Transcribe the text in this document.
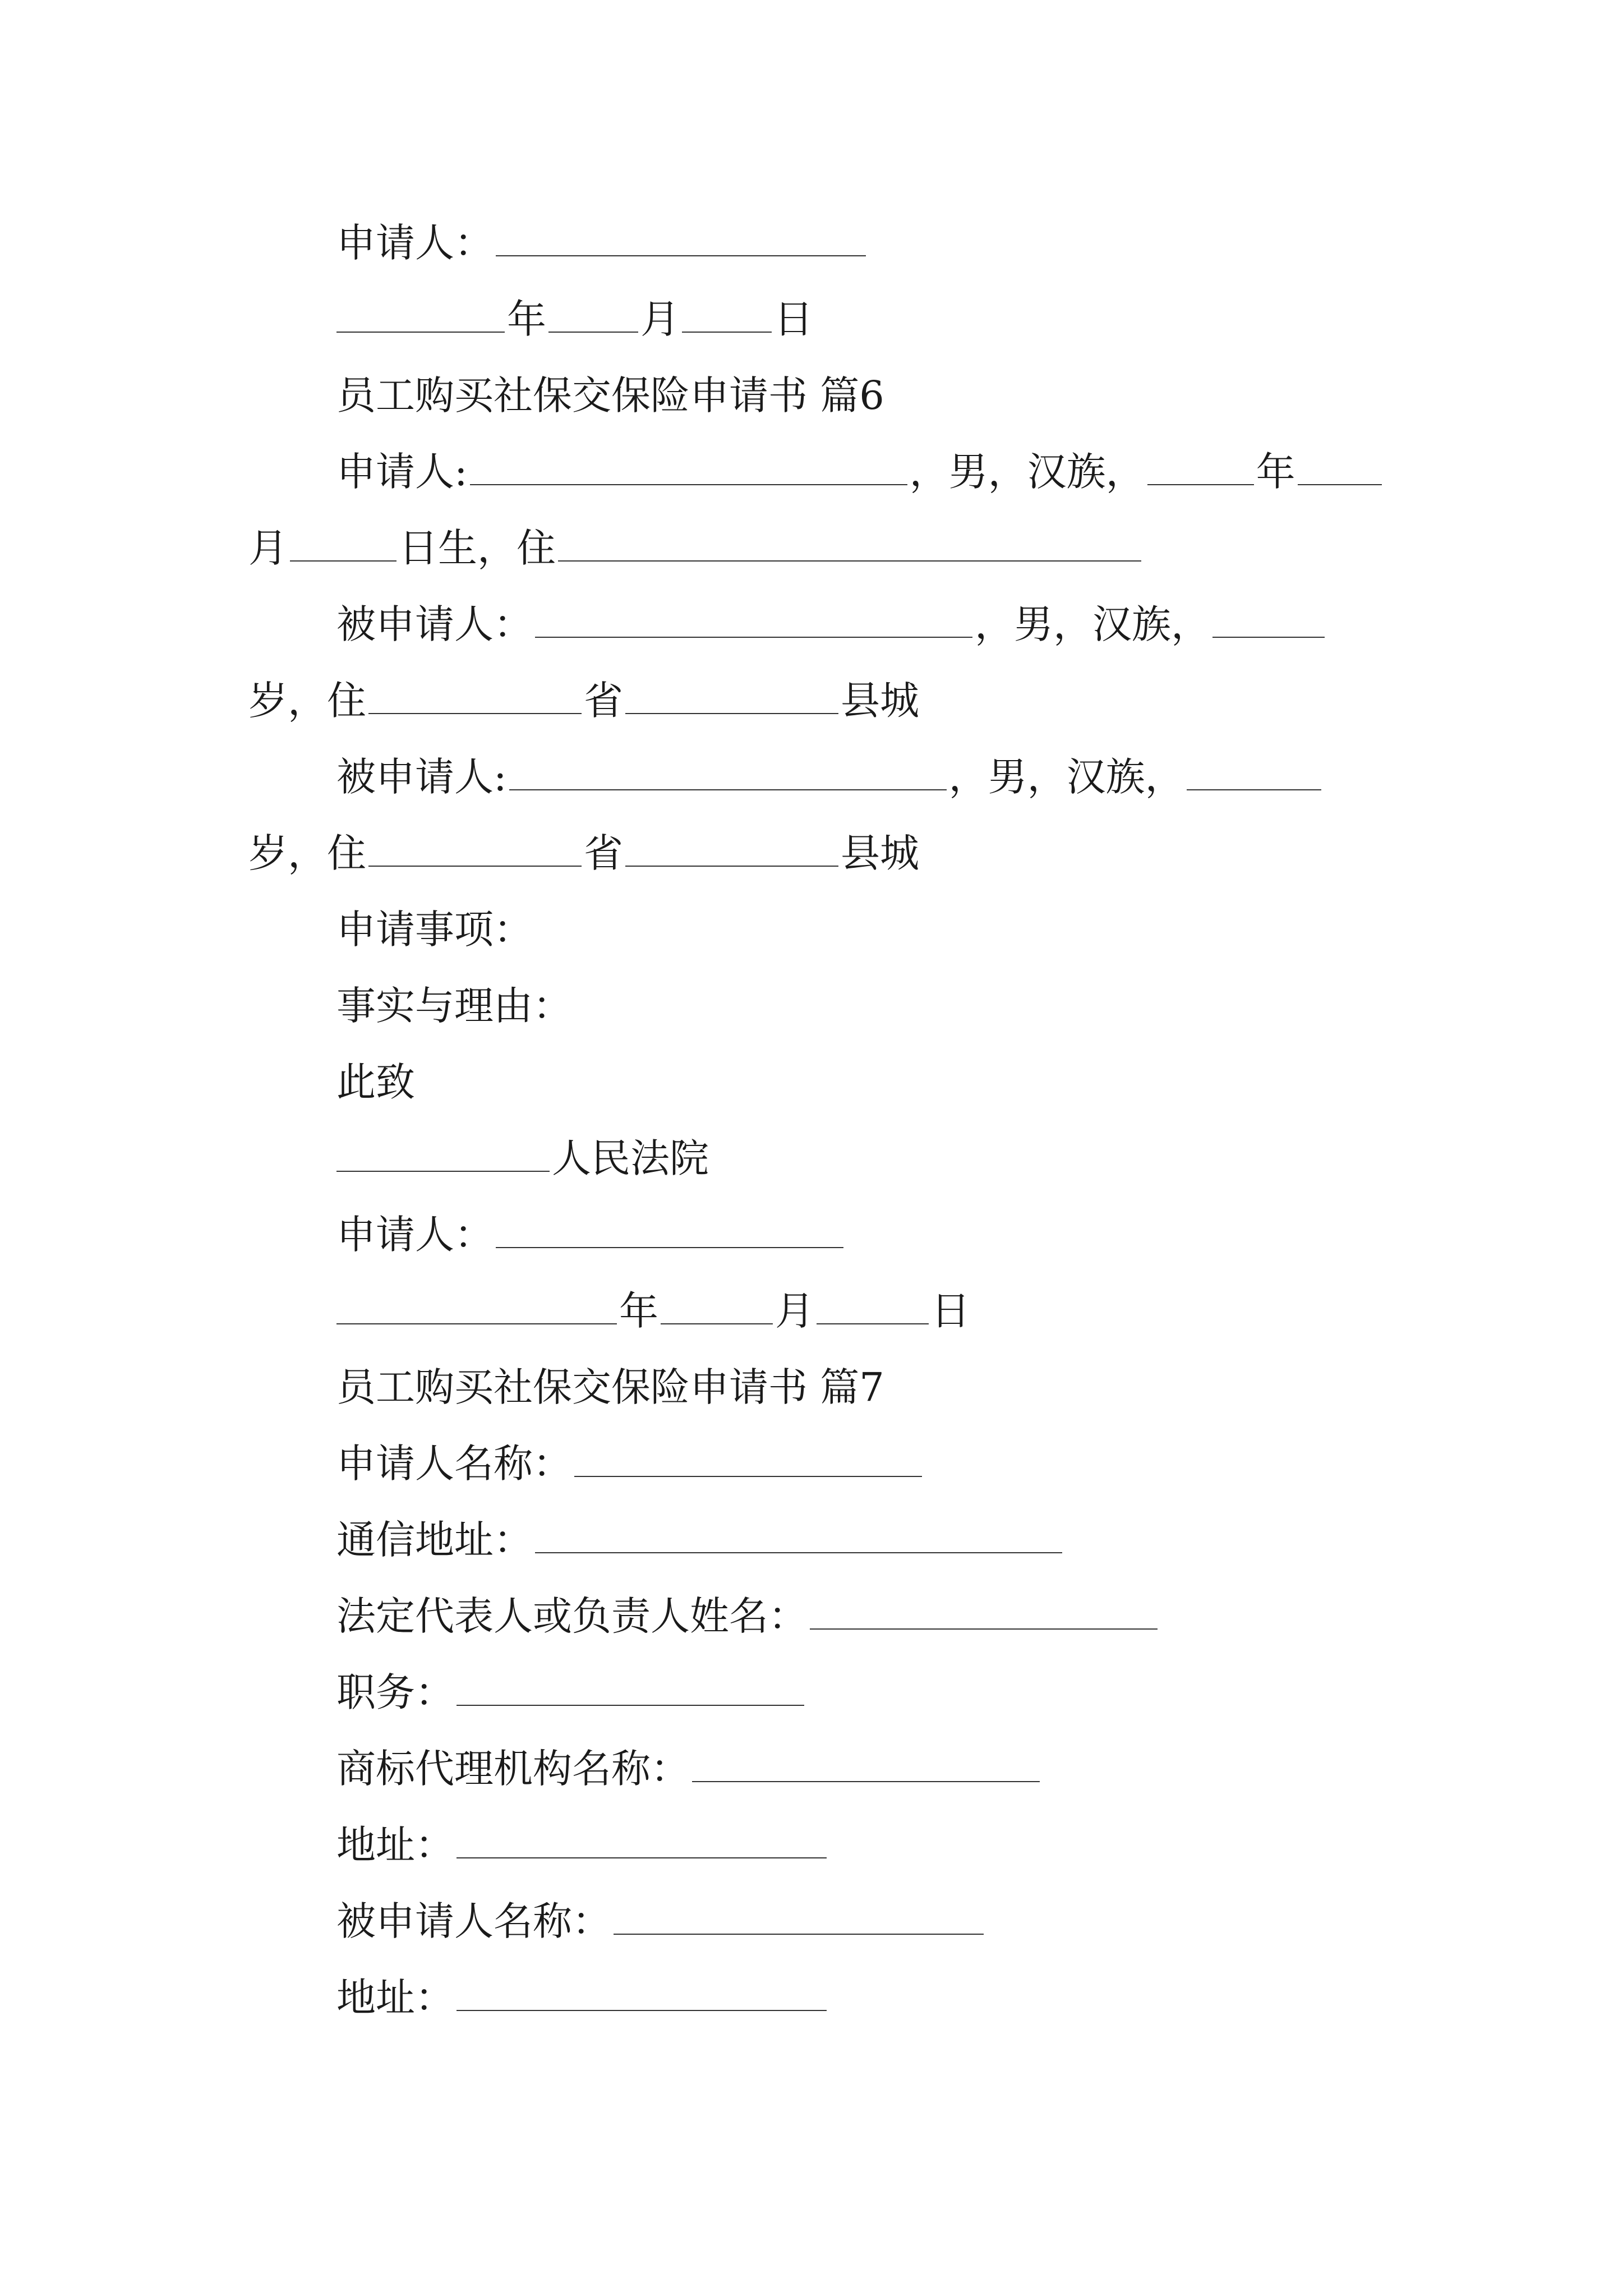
申请人：
年 月 日
员工购买社保交保险申请书 篇6
申请人:	，男，汉族，	年
月	日生，住
被申请人：	，男，汉族，
岁，住	省	县城
被申请人:	，男，汉族，
岁，住	省	县城
申请事项：
事实与理由：
此致
人民法院
申请人：
年	月	日
员工购买社保交保险申请书 篇7
申请人名称：
通信地址：
法定代表人或负责人姓名：
职务：
商标代理机构名称：
地址：
被申请人名称：
地址：
